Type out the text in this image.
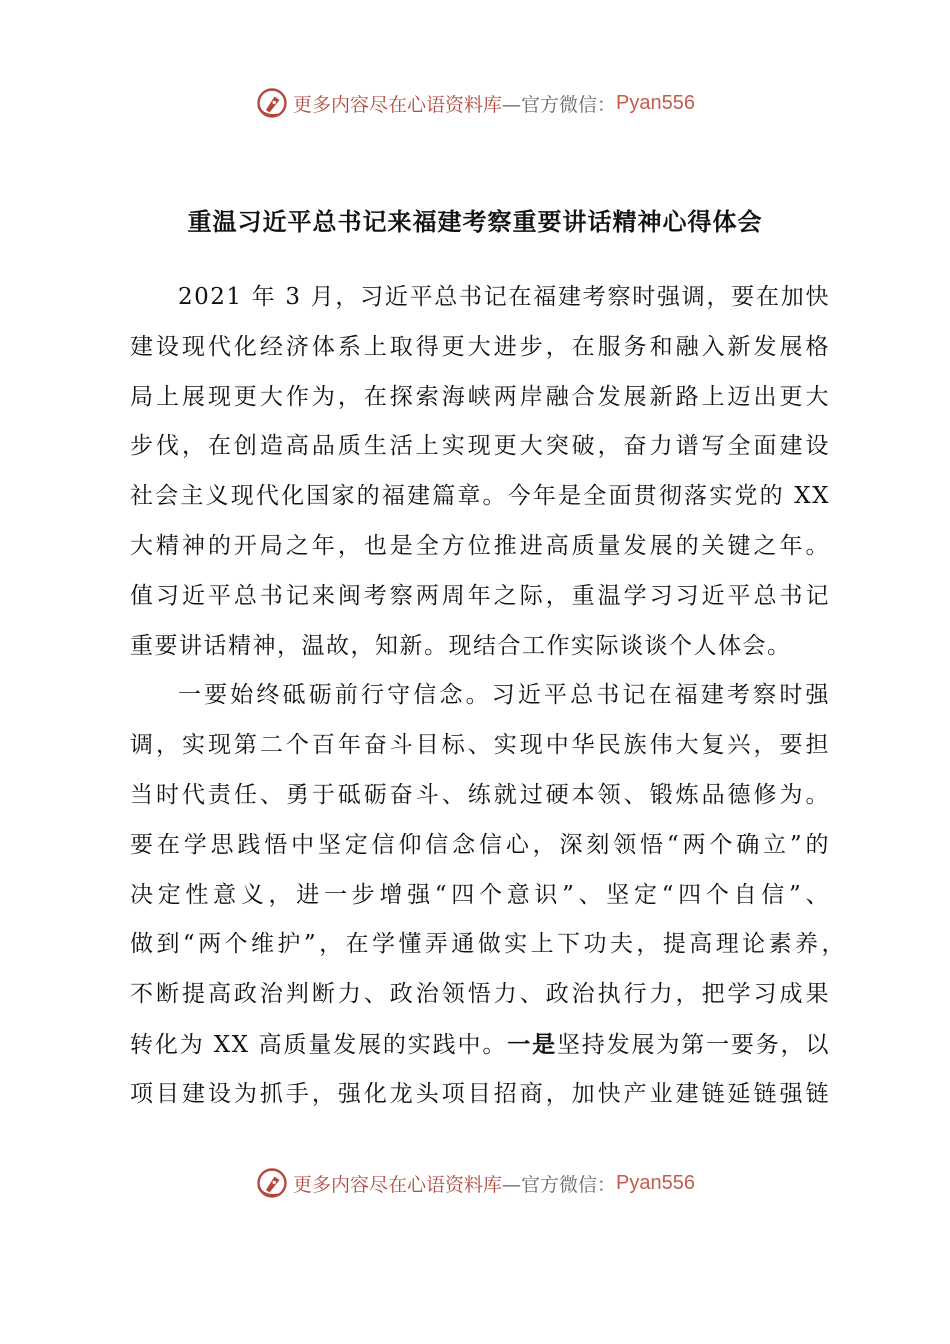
更多内容尽在心语资料库 —官方微信： Pyan556
重温习近平总书记来福建考察重要讲话精神心得体会
2021 年 3 月，习近平总书记在福建考察时强调，要在加快
建设现代化经济体系上取得更大进步，在服务和融入新发展格
局上展现更大作为，在探索海峡两岸融合发展新路上迈出更大
步伐，在创造高品质生活上实现更大突破，奋力谱写全面建设
社会主义现代化国家的福建篇章。今年是全面贯彻落实党的 XX
大精神的开局之年，也是全方位推进高质量发展的关键之年。
值习近平总书记来闽考察两周年之际，重温学习习近平总书记
重要讲话精神，温故，知新。现结合工作实际谈谈个人体会。
一要始终砥砺前行守信念。习近平总书记在福建考察时强
调，实现第二个百年奋斗目标、实现中华民族伟大复兴，要担
当时代责任、勇于砥砺奋斗、练就过硬本领、锻炼品德修为。
要在学思践悟中坚定信仰信念信心，深刻领悟“两个确立”的
决定性意义，进一步增强“四个意识”、坚定“四个自信”、
做到“两个维护”，在学懂弄通做实上下功夫，提高理论素养，
不断提高政治判断力、政治领悟力、政治执行力，把学习成果
转化为 XX 高质量发展的实践中。一是坚持发展为第一要务，以
项目建设为抓手，强化龙头项目招商，加快产业建链延链强链
更多内容尽在心语资料库 —官方微信： Pyan556
